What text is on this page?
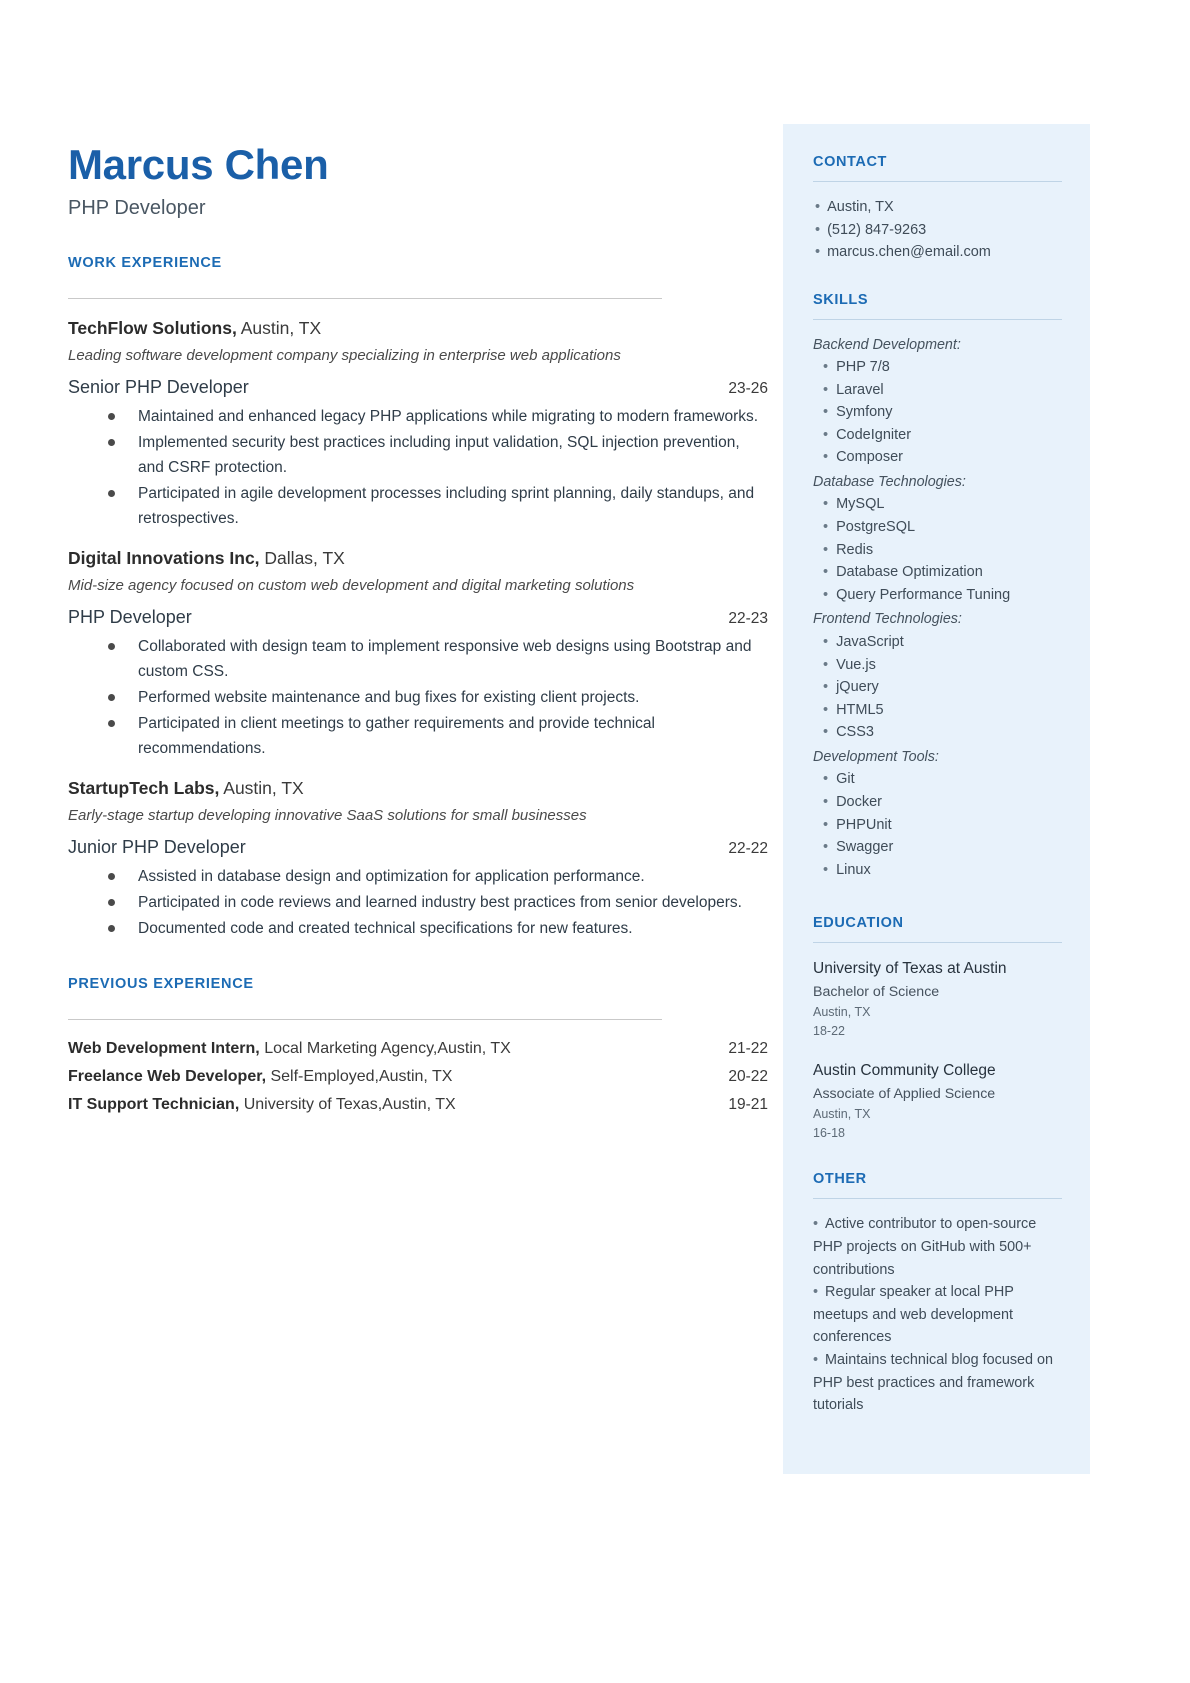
Marcus Chen
PHP Developer
WORK EXPERIENCE
TechFlow Solutions, Austin, TX
Leading software development company specializing in enterprise web applications
Senior PHP Developer	23-26
Maintained and enhanced legacy PHP applications while migrating to modern frameworks.
Implemented security best practices including input validation, SQL injection prevention, and CSRF protection.
Participated in agile development processes including sprint planning, daily standups, and retrospectives.
Digital Innovations Inc, Dallas, TX
Mid-size agency focused on custom web development and digital marketing solutions
PHP Developer	22-23
Collaborated with design team to implement responsive web designs using Bootstrap and custom CSS.
Performed website maintenance and bug fixes for existing client projects.
Participated in client meetings to gather requirements and provide technical recommendations.
StartupTech Labs, Austin, TX
Early-stage startup developing innovative SaaS solutions for small businesses
Junior PHP Developer	22-22
Assisted in database design and optimization for application performance.
Participated in code reviews and learned industry best practices from senior developers.
Documented code and created technical specifications for new features.
PREVIOUS EXPERIENCE
Web Development Intern, Local Marketing Agency,Austin, TX	21-22
Freelance Web Developer, Self-Employed,Austin, TX	20-22
IT Support Technician, University of Texas,Austin, TX	19-21
CONTACT
• Austin, TX
• (512) 847-9263
• marcus.chen@email.com
SKILLS
Backend Development:
• PHP 7/8
• Laravel
• Symfony
• CodeIgniter
• Composer
Database Technologies:
• MySQL
• PostgreSQL
• Redis
• Database Optimization
• Query Performance Tuning
Frontend Technologies:
• JavaScript
• Vue.js
• jQuery
• HTML5
• CSS3
Development Tools:
• Git
• Docker
• PHPUnit
• Swagger
• Linux
EDUCATION
University of Texas at Austin
Bachelor of Science
Austin, TX
18-22
Austin Community College
Associate of Applied Science
Austin, TX
16-18
OTHER
• Active contributor to open-source PHP projects on GitHub with 500+ contributions
• Regular speaker at local PHP meetups and web development conferences
• Maintains technical blog focused on PHP best practices and framework tutorials
